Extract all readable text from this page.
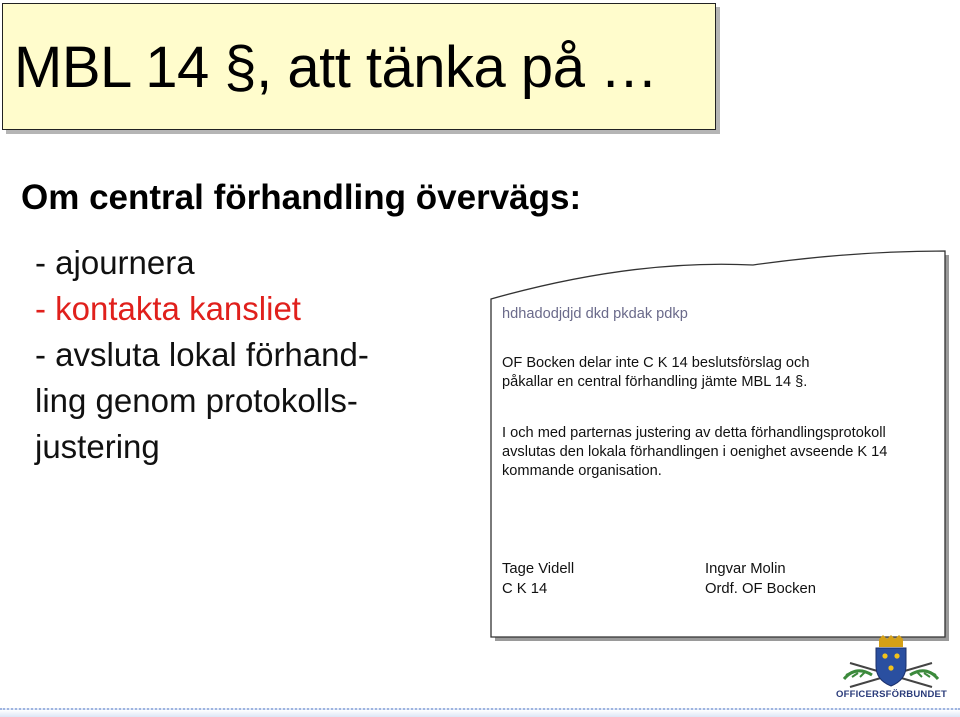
MBL 14 §, att tänka på …
Om central förhandling övervägs:
- ajournera
- kontakta kansliet
- avsluta lokal förhand-
ling genom protokolls-
justering

hdhadodjdjd dkd pkdak pdkp

OF Bocken delar inte C K 14 beslutsförslag och
påkallar en central förhandling jämte MBL 14 §.

I och med parternas justering av detta förhandlingsprotokoll
avslutas den lokala förhandlingen i oenighet avseende K 14
kommande organisation.

Tage Videll
C K 14
Ingvar Molin
Ordf. OF Bocken
OFFICERSFÖRBUNDET
